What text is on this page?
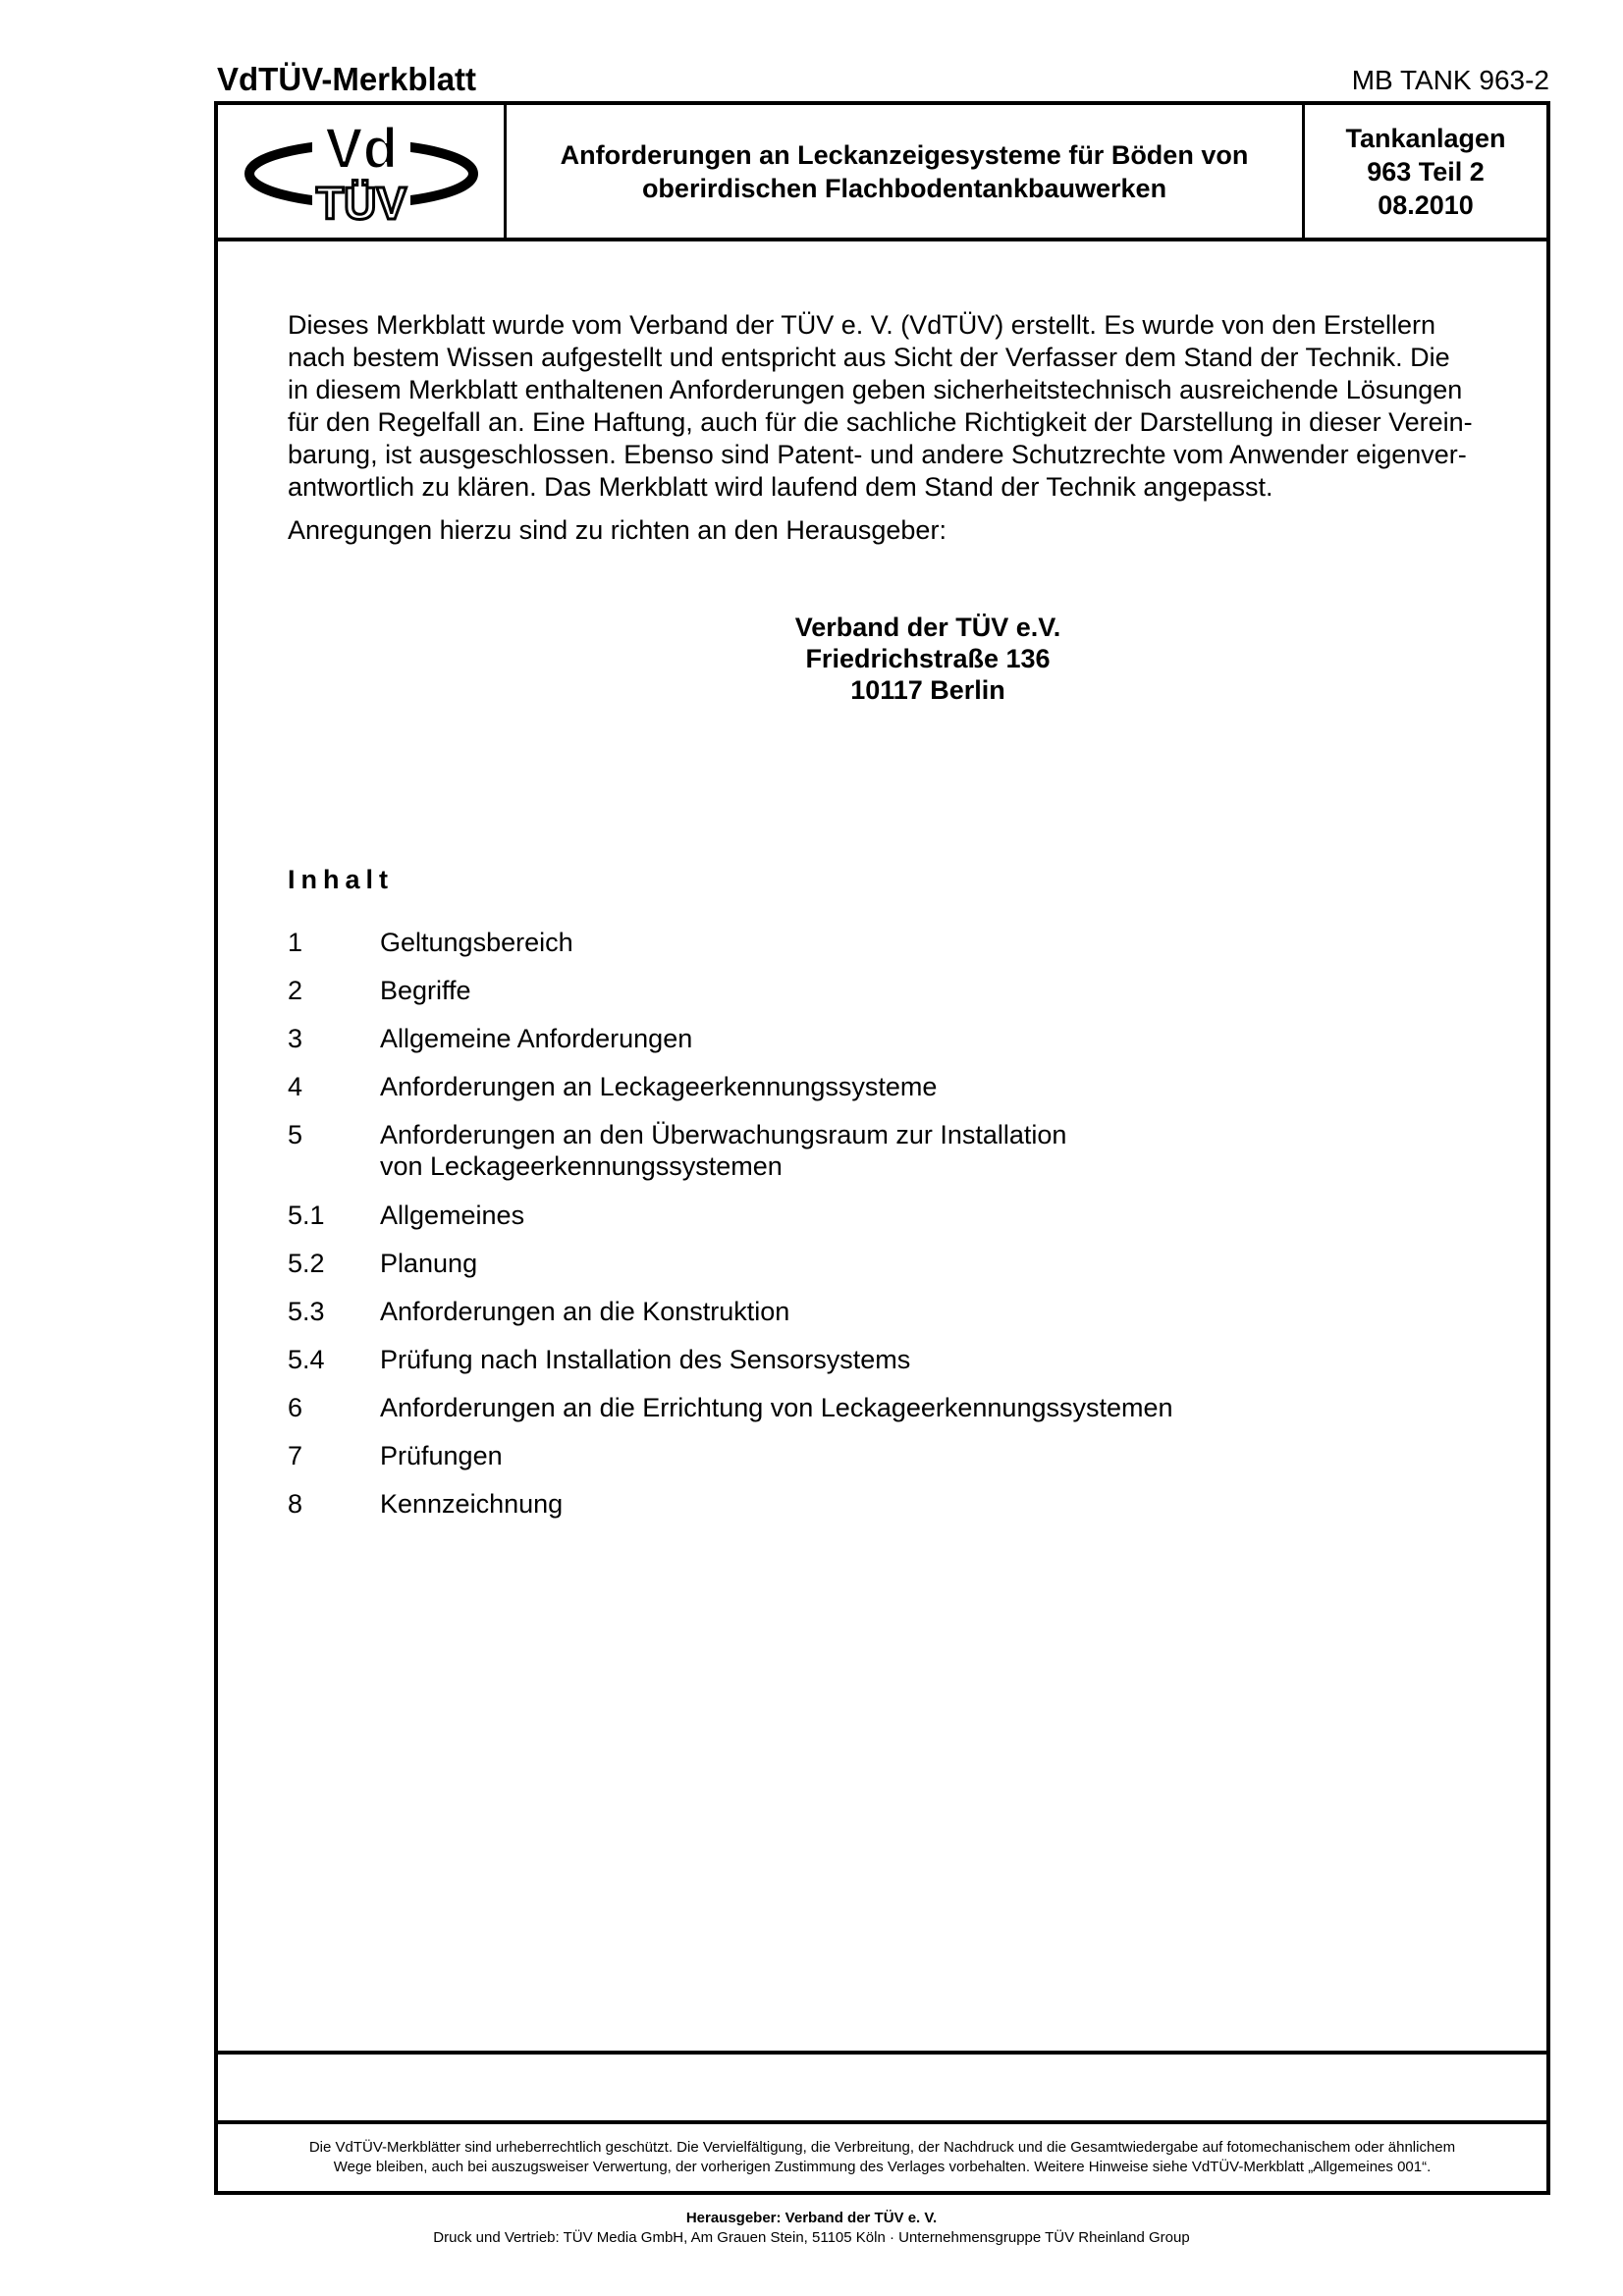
VdTÜV-Merkblatt	MB TANK 963-2
Vd
TÜV
Anforderungen an Leckanzeigesysteme für Böden von
oberirdischen Flachbodentankbauwerken
Tankanlagen
963 Teil 2
08.2010

Dieses Merkblatt wurde vom Verband der TÜV e. V. (VdTÜV) erstellt. Es wurde von den Erstellern
nach bestem Wissen aufgestellt und entspricht aus Sicht der Verfasser dem Stand der Technik. Die
in diesem Merkblatt enthaltenen Anforderungen geben sicherheitstechnisch ausreichende Lösungen
für den Regelfall an. Eine Haftung, auch für die sachliche Richtigkeit der Darstellung in dieser Verein-
barung, ist ausgeschlossen. Ebenso sind Patent- und andere Schutzrechte vom Anwender eigenver-
antwortlich zu klären. Das Merkblatt wird laufend dem Stand der Technik angepasst.

Anregungen hierzu sind zu richten an den Herausgeber:
Verband der TÜV e.V.
Friedrichstraße 136
10117 Berlin
Inhalt
1	Geltungsbereich
2	Begriffe
3	Allgemeine Anforderungen
4	Anforderungen an Leckageerkennungssysteme
5	Anforderungen an den Überwachungsraum zur Installation
von Leckageerkennungssystemen
5.1 Allgemeines
5.2 Planung
5.3 Anforderungen an die Konstruktion
5.4 Prüfung nach Installation des Sensorsystems
6	Anforderungen an die Errichtung von Leckageerkennungssystemen
7	Prüfungen
8	Kennzeichnung
Die VdTÜV-Merkblätter sind urheberrechtlich geschützt. Die Vervielfältigung, die Verbreitung, der Nachdruck und die Gesamtwiedergabe auf fotomechanischem oder ähnlichem
Wege bleiben, auch bei auszugsweiser Verwertung, der vorherigen Zustimmung des Verlages vorbehalten. Weitere Hinweise siehe VdTÜV-Merkblatt „Allgemeines 001“.
Herausgeber: Verband der TÜV e. V.
Druck und Vertrieb: TÜV Media GmbH, Am Grauen Stein, 51105 Köln · Unternehmensgruppe TÜV Rheinland Group
